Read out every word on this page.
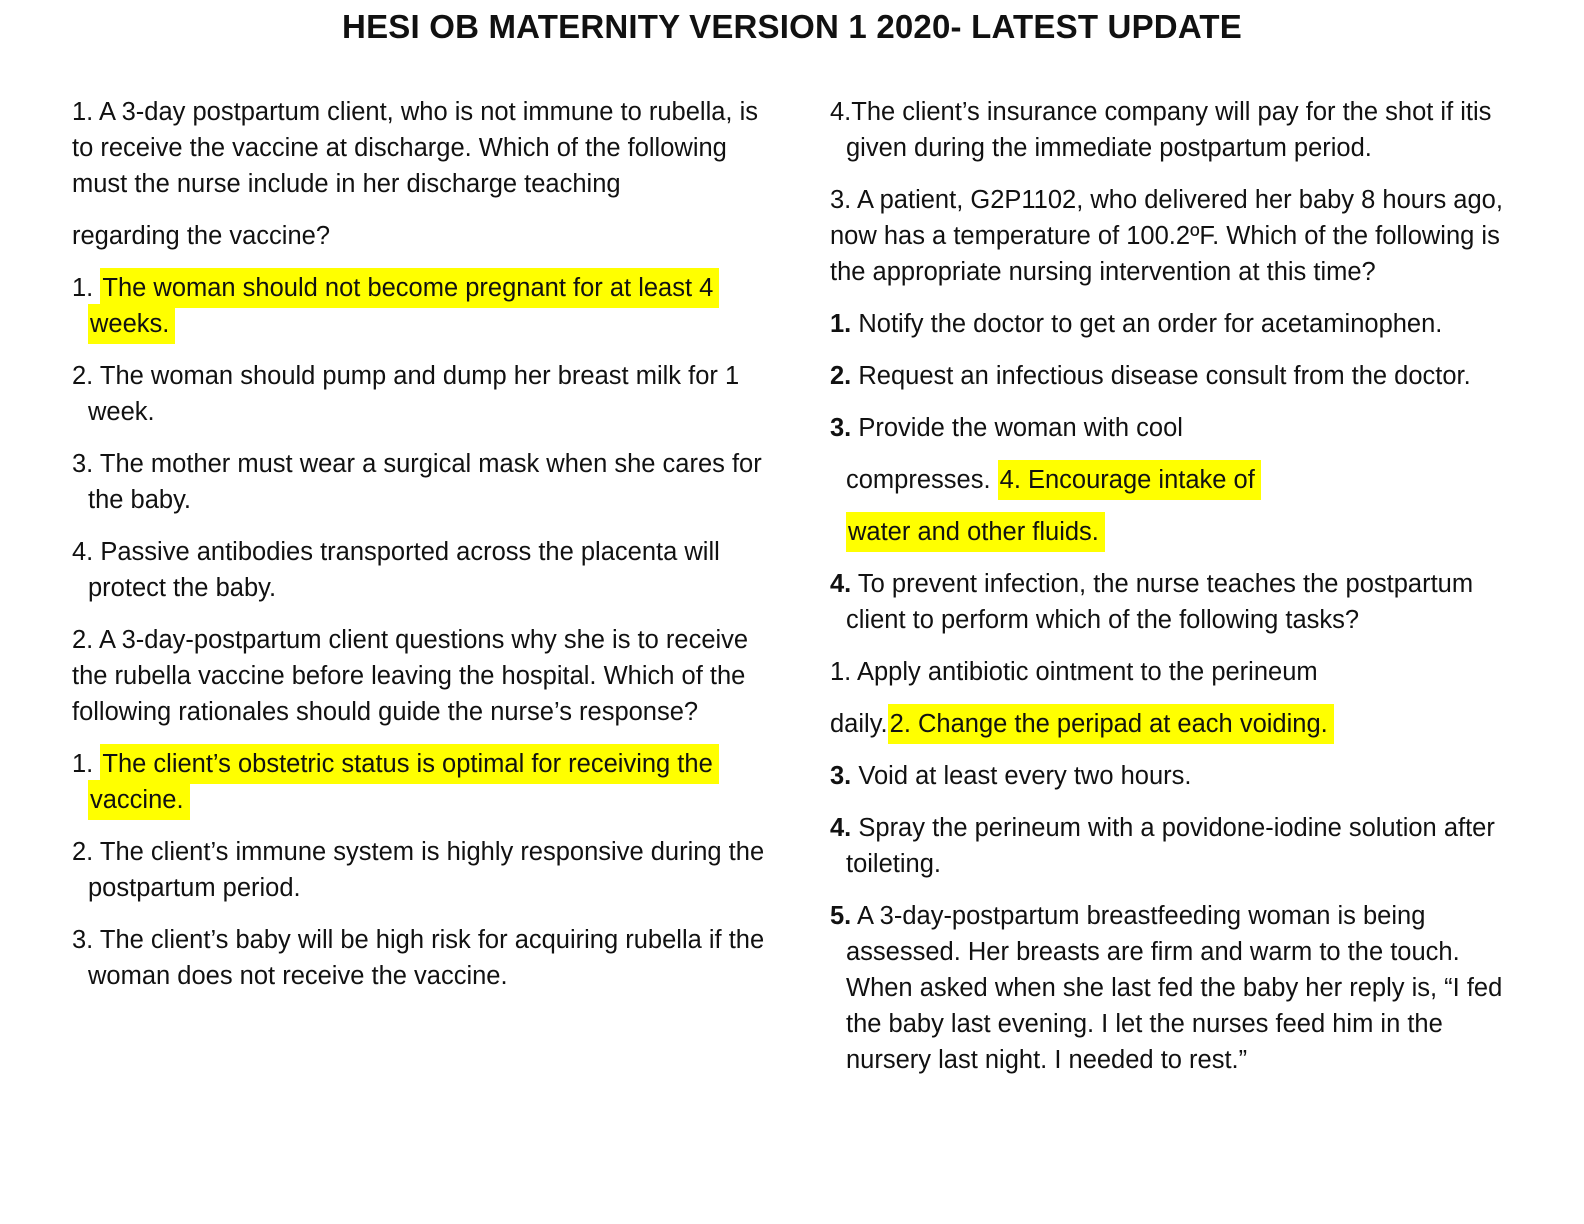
HESI OB MATERNITY VERSION 1 2020- LATEST UPDATE

1. A 3-day postpartum client, who is not immune to rubella, is to receive the vaccine at discharge. Which of the following must the nurse include in her discharge teaching

regarding the vaccine?

1. The woman should not become pregnant for at least 4 weeks.

2. The woman should pump and dump her breast milk for 1 week.

3. The mother must wear a surgical mask when she cares for the baby.

4. Passive antibodies transported across the placenta will protect the baby.

2. A 3-day-postpartum client questions why she is to receive the rubella vaccine before leaving the hospital. Which of the following rationales should guide the nurse’s response?

1. The client’s obstetric status is optimal for receiving the vaccine.

2. The client’s immune system is highly responsive during the postpartum period.

3. The client’s baby will be high risk for acquiring rubella if the woman does not receive the vaccine.

4.The client’s insurance company will pay for the shot if itis given during the immediate postpartum period.

3. A patient, G2P1102, who delivered her baby 8 hours ago, now has a temperature of 100.2ºF. Which of the following is the appropriate nursing intervention at this time?

1. Notify the doctor to get an order for acetaminophen.

2. Request an infectious disease consult from the doctor.

3. Provide the woman with cool

compresses. 4. Encourage intake of

water and other fluids.

4. To prevent infection, the nurse teaches the postpartum client to perform which of the following tasks?

1. Apply antibiotic ointment to the perineum

daily.2. Change the peripad at each voiding.

3. Void at least every two hours.

4. Spray the perineum with a povidone-iodine solution after toileting.

5. A 3-day-postpartum breastfeeding woman is being assessed. Her breasts are firm and warm to the touch. When asked when she last fed the baby her reply is, “I fed the baby last evening. I let the nurses feed him in the nursery last night. I needed to rest.”
